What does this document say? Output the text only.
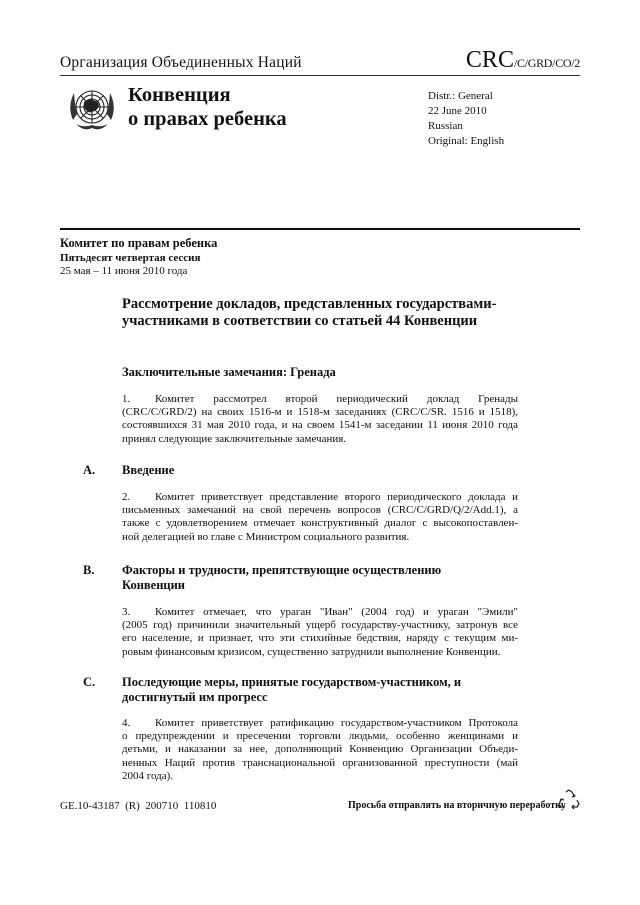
Организация Объединенных Наций	CRC/C/GRD/CO/2
Конвенция
о правах ребенка
Distr.: General
22 June 2010
Russian
Original: English
Комитет по правам ребенка
Пятьдесят четвертая сессия
25 мая – 11 июня 2010 года
Рассмотрение докладов, представленных государствами-участниками в соответствии со статьей 44 Конвенции
Заключительные замечания: Гренада
1. Комитет рассмотрел второй периодический доклад Гренады
(CRC/C/GRD/2) на своих 1516-м и 1518-м заседаниях (CRC/C/SR. 1516 и 1518),
состоявшихся 31 мая 2010 года, и на своем 1541-м заседании 11 июня 2010 года
принял следующие заключительные замечания.
A. Введение
2. Комитет приветствует представление второго периодического доклада и
письменных замечаний на свой перечень вопросов (CRC/C/GRD/Q/2/Add.1), а
также с удовлетворением отмечает конструктивный диалог с высокопоставлен-
ной делегацией во главе с Министром социального развития.
B. Факторы и трудности, препятствующие осуществлению
Конвенции
3. Комитет отмечает, что ураган "Иван" (2004 год) и ураган "Эмили"
(2005 год) причинили значительный ущерб государству-участнику, затронув все
его население, и признает, что эти стихийные бедствия, наряду с текущим ми-
ровым финансовым кризисом, существенно затруднили выполнение Конвенции.
C. Последующие меры, принятые государством-участником, и
достигнутый им прогресс
4. Комитет приветствует ратификацию государством-участником Протокола
о предупреждении и пресечении торговли людьми, особенно женщинами и
детьми, и наказании за нее, дополняющий Конвенцию Организации Объеди-
ненных Наций против транснациональной организованной преступности (май
2004 года).
GE.10-43187  (R)  200710  110810	Просьба отправлять на вторичную переработку
